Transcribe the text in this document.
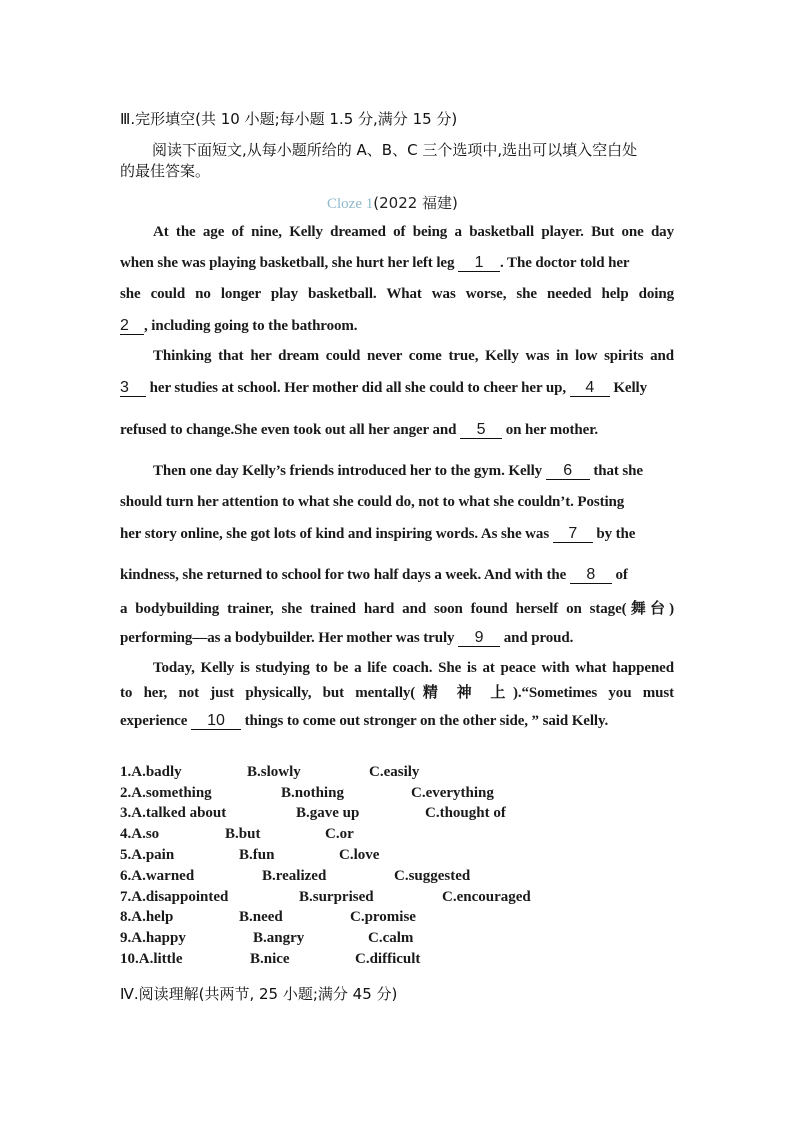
Ⅲ.完形填空(共 10 小题;每小题 1.5 分,满分 15 分)
阅读下面短文,从每小题所给的 A、B、C 三个选项中,选出可以填入空白处
的最佳答案。
Cloze 1(2022 福建)
At the age of nine, Kelly dreamed of being a basketball player. But one day
when she was playing basketball, she hurt her left leg 1 . The doctor told her
she could no longer play basketball. What was worse, she needed help doing
2 , including going to the bathroom.
Thinking that her dream could never come true, Kelly was in low spirits and
3 her studies at school. Her mother did all she could to cheer her up, 4 Kelly
refused to change.She even took out all her anger and 5 on her mother.
Then one day Kelly’s friends introduced her to the gym. Kelly 6 that she
should turn her attention to what she could do, not to what she couldn’t. Posting
her story online, she got lots of kind and inspiring words. As she was 7 by the
kindness, she returned to school for two half days a week. And with the 8 of
a bodybuilding trainer, she trained hard and soon found herself on stage(舞台)
performing—as a bodybuilder. Her mother was truly 9 and proud.
Today, Kelly is studying to be a life coach. She is at peace with what happened
to her, not just physically, but mentally(精 神 上).“Sometimes you must
experience 10 things to come out stronger on the other side, ” said Kelly.
1.A.badly	B.slowly	C.easily
2.A.something	B.nothing	C.everything
3.A.talked about	B.gave up	C.thought of
4.A.so	B.but	C.or
5.A.pain	B.fun	C.love
6.A.warned	B.realized	C.suggested
7.A.disappointed	B.surprised	C.encouraged
8.A.help	B.need	C.promise
9.A.happy	B.angry	C.calm
10.A.little	B.nice	C.difficult
Ⅳ.阅读理解(共两节, 25 小题;满分 45 分)
